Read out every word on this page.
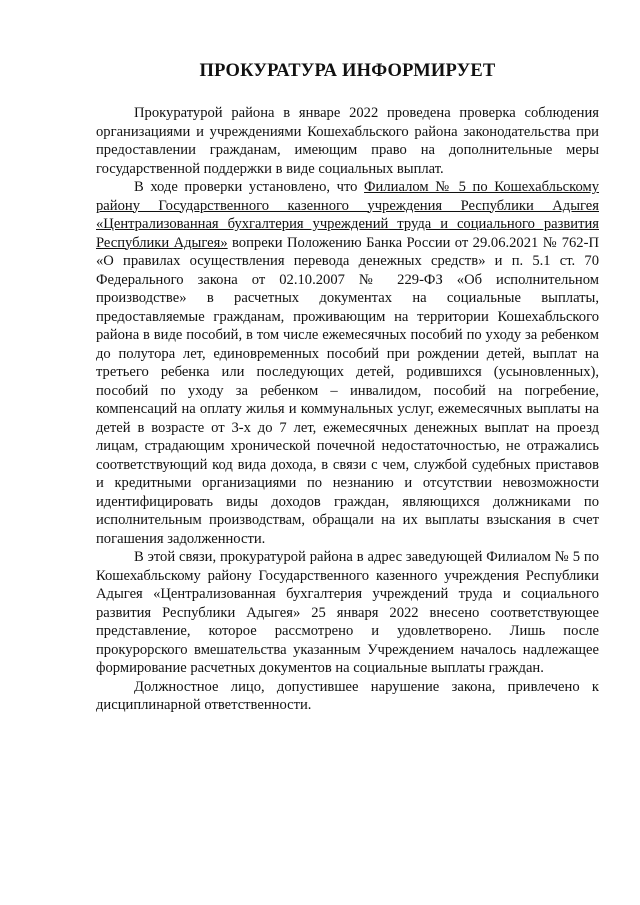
ПРОКУРАТУРА ИНФОРМИРУЕТ

Прокуратурой района в январе 2022 проведена проверка соблюдения организациями и учреждениями Кошехабльского района законодательства при предоставлении гражданам, имеющим право на дополнительные меры государственной поддержки в виде социальных выплат.

В ходе проверки установлено, что Филиалом № 5 по Кошехабльскому району Государственного казенного учреждения Республики Адыгея «Централизованная бухгалтерия учреждений труда и социального развития Республики Адыгея» вопреки Положению Банка России от 29.06.2021 № 762-П «О правилах осуществления перевода денежных средств» и п. 5.1 ст. 70 Федерального закона от 02.10.2007 № 229-ФЗ «Об исполнительном производстве» в расчетных документах на социальные выплаты, предоставляемые гражданам, проживающим на территории Кошехабльского района в виде пособий, в том числе ежемесячных пособий по уходу за ребенком до полутора лет, единовременных пособий при рождении детей, выплат на третьего ребенка или последующих детей, родившихся (усыновленных), пособий по уходу за ребенком – инвалидом, пособий на погребение, компенсаций на оплату жилья и коммунальных услуг, ежемесячных выплаты на детей в возрасте от 3-х до 7 лет, ежемесячных денежных выплат на проезд лицам, страдающим хронической почечной недостаточностью, не отражались соответствующий код вида дохода, в связи с чем, службой судебных приставов и кредитными организациями по незнанию и отсутствии невозможности идентифицировать виды доходов граждан, являющихся должниками по исполнительным производствам, обращали на их выплаты взыскания в счет погашения задолженности.

В этой связи, прокуратурой района в адрес заведующей Филиалом № 5 по Кошехабльскому району Государственного казенного учреждения Республики Адыгея «Централизованная бухгалтерия учреждений труда и социального развития Республики Адыгея» 25 января 2022 внесено соответствующее представление, которое рассмотрено и удовлетворено. Лишь после прокурорского вмешательства указанным Учреждением началось надлежащее формирование расчетных документов на социальные выплаты граждан.

Должностное лицо, допустившее нарушение закона, привлечено к дисциплинарной ответственности.
